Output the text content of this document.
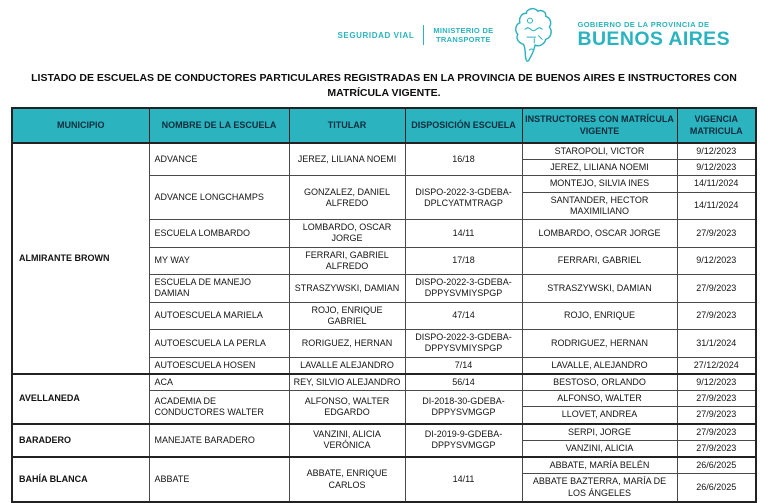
SEGURIDAD VIAL
MINISTERIO DE
TRANSPORTE
GOBIERNO DE LA PROVINCIA DE
BUENOS AIRES
LISTADO DE ESCUELAS DE CONDUCTORES PARTICULARES REGISTRADAS EN LA PROVINCIA DE BUENOS AIRES E INSTRUCTORES CON MATRÍCULA VIGENTE.
MUNICIPIO	NOMBRE DE LA ESCUELA	TITULAR	DISPOSICIÓN ESCUELA	INSTRUCTORES CON MATRÍCULA VIGENTE	VIGENCIA MATRICULA
ALMIRANTE BROWN	ADVANCE	JEREZ, LILIANA NOEMI	16/18	STAROPOLI, VICTOR	9/12/2023
				JEREZ, LILIANA NOEMI	9/12/2023
	ADVANCE LONGCHAMPS	GONZALEZ, DANIEL ALFREDO	DISPO-2022-3-GDEBA-DPLCYATMTRAGP	MONTEJO, SILVIA INES	14/11/2024
				SANTANDER, HECTOR MAXIMILIANO	14/11/2024
	ESCUELA LOMBARDO	LOMBARDO, OSCAR JORGE	14/11	LOMBARDO, OSCAR JORGE	27/9/2023
	MY WAY	FERRARI, GABRIEL ALFREDO	17/18	FERRARI, GABRIEL	9/12/2023
	ESCUELA DE MANEJO DAMIAN	STRASZYWSKI, DAMIAN	DISPO-2022-3-GDEBA-DPPYSVMIYSPGP	STRASZYWSKI, DAMIAN	27/9/2023
	AUTOESCUELA MARIELA	ROJO, ENRIQUE GABRIEL	47/14	ROJO, ENRIQUE	27/9/2023
	AUTOESCUELA LA PERLA	RORIGUEZ, HERNAN	DISPO-2022-3-GDEBA-DPPYSVMIYSPGP	RODRIGUEZ, HERNAN	31/1/2024
	AUTOESCUELA HOSEN	LAVALLE ALEJANDRO	7/14	LAVALLE, ALEJANDRO	27/12/2024
AVELLANEDA	ACA	REY, SILVIO ALEJANDRO	56/14	BESTOSO, ORLANDO	9/12/2023
	ACADEMIA DE CONDUCTORES WALTER	ALFONSO, WALTER EDGARDO	DI-2018-30-GDEBA-DPPYSVMGGP	ALFONSO, WALTER	27/9/2023
				LLOVET, ANDREA	27/9/2023
BARADERO	MANEJATE BARADERO	VANZINI, ALICIA VERÓNICA	DI-2019-9-GDEBA-DPPYSVMGGP	SERPI, JORGE	27/9/2023
				VANZINI, ALICIA	27/9/2023
BAHÍA BLANCA	ABBATE	ABBATE, ENRIQUE CARLOS	14/11	ABBATE, MARÍA BELÉN	26/6/2025
				ABBATE BAZTERRA, MARÍA DE LOS ÁNGELES	26/6/2025
